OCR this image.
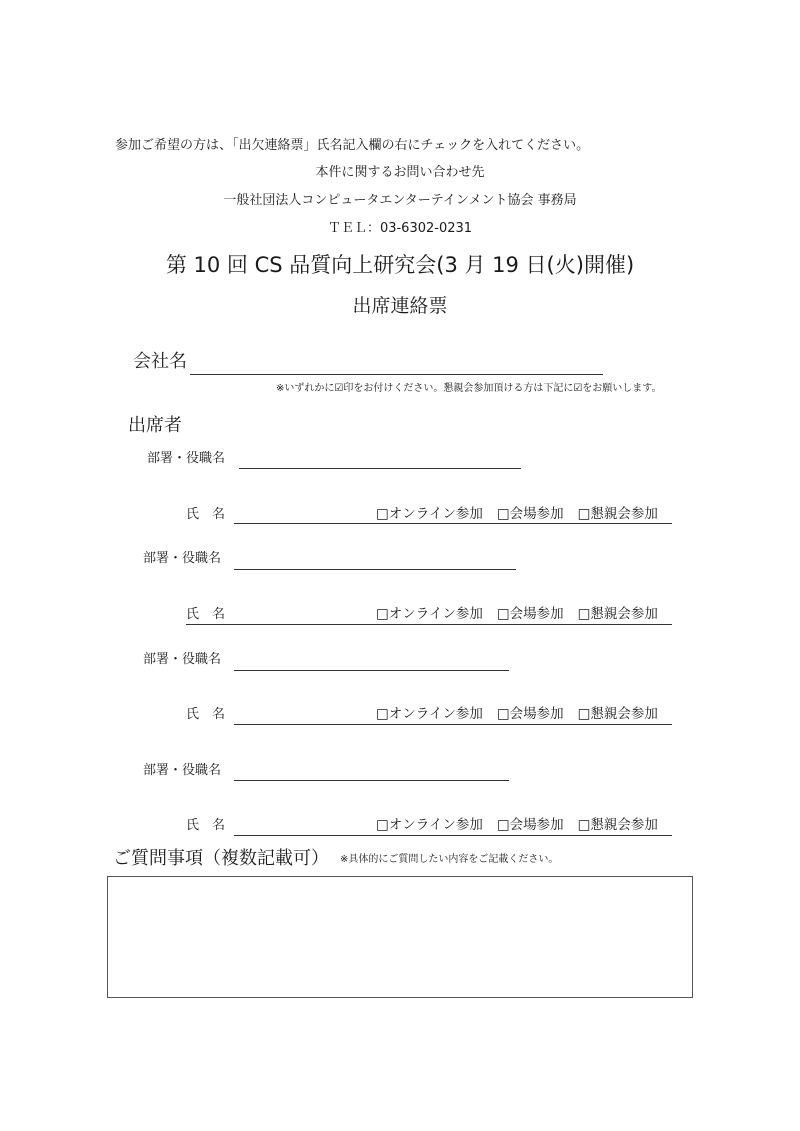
参加ご希望の方は、「出欠連絡票」氏名記入欄の右にチェックを入れてください。
本件に関するお問い合わせ先
一般社団法人コンピュータエンターテインメント協会 事務局
ＴＥＬ：03-6302-0231
第 10 回 CS 品質向上研究会(3 月 19 日(火)開催)
出席連絡票
会社名
※いずれかに☑印をお付けください。懇親会参加頂ける方は下記に☑をお願いします。
出席者
部署・役職名
氏　名	□オンライン参加 □会場参加 □懇親会参加
部署・役職名
氏　名	□オンライン参加 □会場参加 □懇親会参加
部署・役職名
氏　名	□オンライン参加 □会場参加 □懇親会参加
部署・役職名
氏　名	□オンライン参加 □会場参加 □懇親会参加
ご質問事項（複数記載可） ※具体的にご質問したい内容をご記載ください。
